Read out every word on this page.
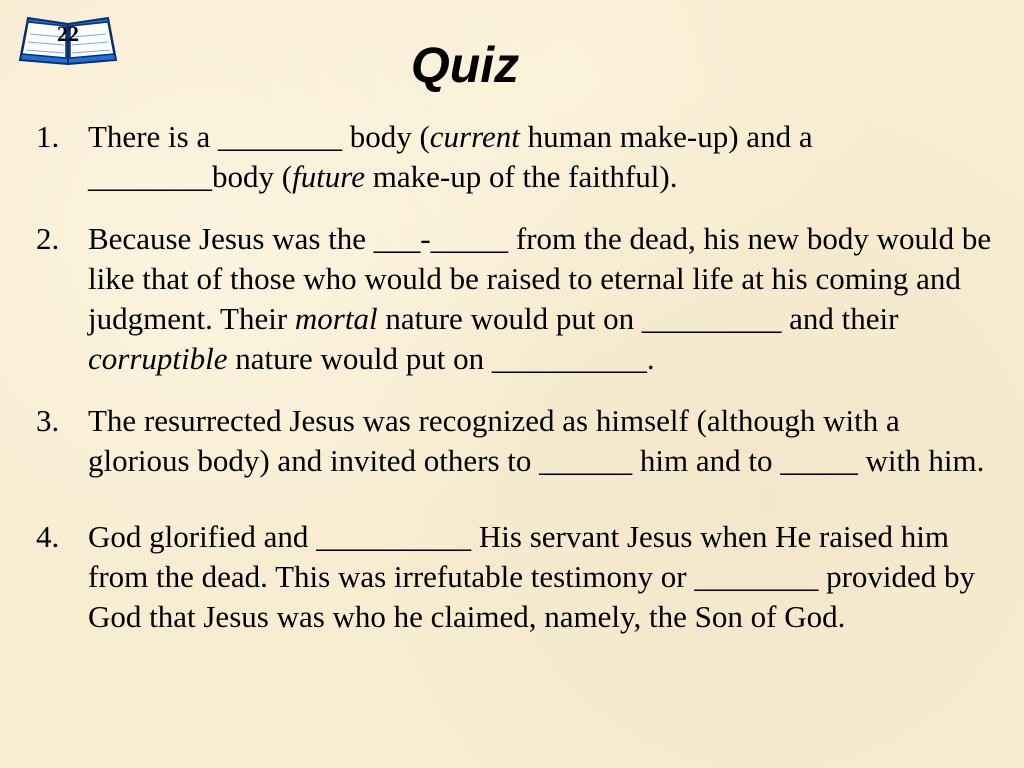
22
Quiz
1. There is a ________ body (current human make-up) and a ________body (future make-up of the faithful).
2. Because Jesus was the ___-_____ from the dead, his new body would be like that of those who would be raised to eternal life at his coming and judgment. Their mortal nature would put on _________ and their corruptible nature would put on __________.
3. The resurrected Jesus was recognized as himself (although with a glorious body) and invited others to ______ him and to _____ with him.
4. God glorified and __________ His servant Jesus when He raised him from the dead. This was irrefutable testimony or ________ provided by God that Jesus was who he claimed, namely, the Son of God.
